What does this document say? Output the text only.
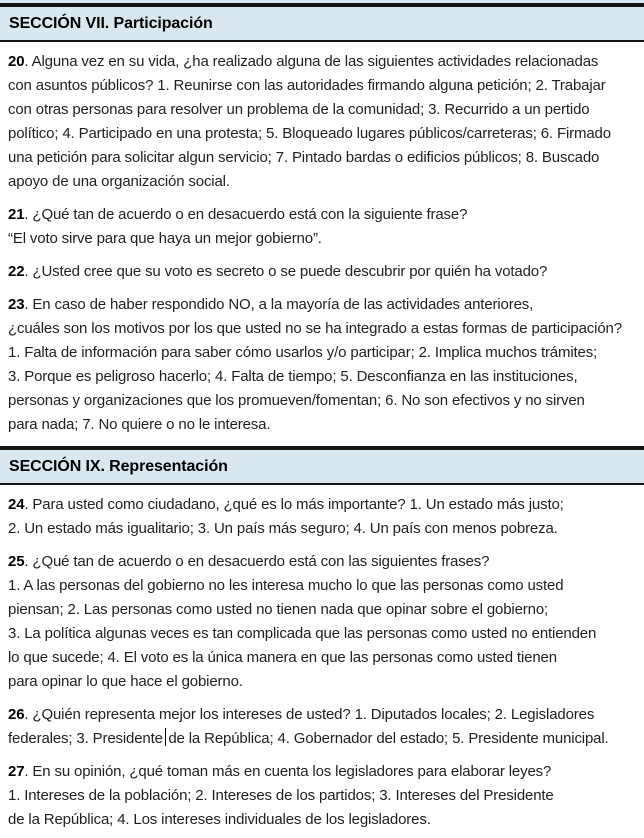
SECCIÓN VII. Participación
20. Alguna vez en su vida, ¿ha realizado alguna de las siguientes actividades relacionadas
con asuntos públicos? 1. Reunirse con las autoridades firmando alguna petición; 2. Trabajar
con otras personas para resolver un problema de la comunidad; 3. Recurrido a un pertido
político; 4. Participado en una protesta; 5. Bloqueado lugares públicos/carreteras; 6. Firmado
una petición para solicitar algun servicio; 7. Pintado bardas o edificios públicos; 8. Buscado
apoyo de una organización social.
21. ¿Qué tan de acuerdo o en desacuerdo está con la siguiente frase?
“El voto sirve para que haya un mejor gobierno”.
22. ¿Usted cree que su voto es secreto o se puede descubrir por quién ha votado?
23. En caso de haber respondido NO, a la mayoría de las actividades anteriores,
¿cuáles son los motivos por los que usted no se ha integrado a estas formas de participación?
1. Falta de información para saber cómo usarlos y/o participar; 2. Implica muchos trámites;
3. Porque es peligroso hacerlo; 4. Falta de tiempo; 5. Desconfianza en las instituciones,
personas y organizaciones que los promueven/fomentan; 6. No son efectivos y no sirven
para nada; 7. No quiere o no le interesa.
SECCIÓN IX. Representación
24. Para usted como ciudadano, ¿qué es lo más importante? 1. Un estado más justo;
2. Un estado más igualitario; 3. Un país más seguro; 4. Un país con menos pobreza.
25. ¿Qué tan de acuerdo o en desacuerdo está con las siguientes frases?
1. A las personas del gobierno no les interesa mucho lo que las personas como usted
piensan; 2. Las personas como usted no tienen nada que opinar sobre el gobierno;
3. La política algunas veces es tan complicada que las personas como usted no entienden
lo que sucede; 4. El voto es la única manera en que las personas como usted tienen
para opinar lo que hace el gobierno.
26. ¿Quién representa mejor los intereses de usted? 1. Diputados locales; 2. Legisladores
federales; 3. Presidente de la República; 4. Gobernador del estado; 5. Presidente municipal.
27. En su opinión, ¿qué toman más en cuenta los legisladores para elaborar leyes?
1. Intereses de la población; 2. Intereses de los partidos; 3. Intereses del Presidente
de la República; 4. Los intereses individuales de los legisladores.
